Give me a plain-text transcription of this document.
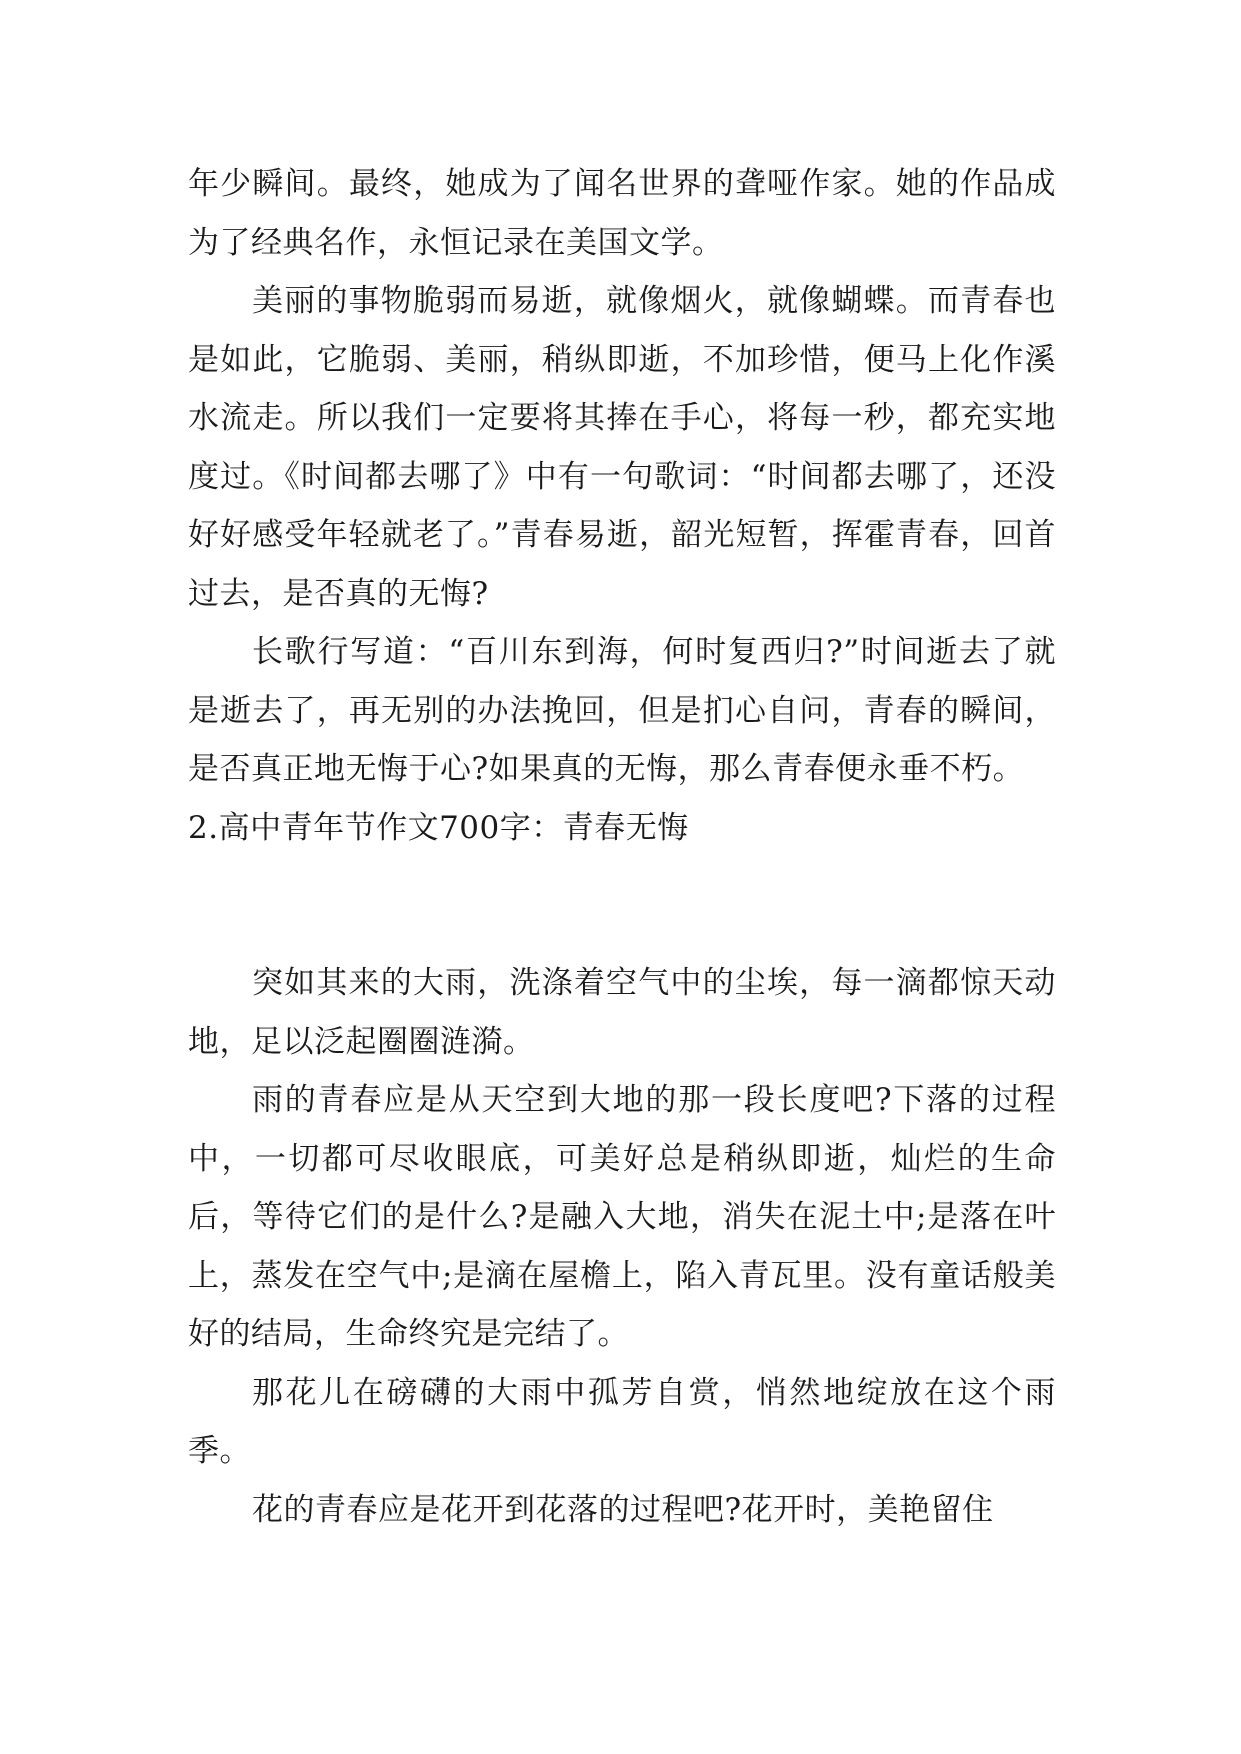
年少瞬间。最终，她成为了闻名世界的聋哑作家。她的作品成为了经典名作，永恒记录在美国文学。

美丽的事物脆弱而易逝，就像烟火，就像蝴蝶。而青春也是如此，它脆弱、美丽，稍纵即逝，不加珍惜，便马上化作溪水流走。所以我们一定要将其捧在手心，将每一秒，都充实地度过。《时间都去哪了》中有一句歌词：“时间都去哪了，还没好好感受年轻就老了。”青春易逝，韶光短暂，挥霍青春，回首过去，是否真的无悔?

长歌行写道：“百川东到海，何时复西归?”时间逝去了就是逝去了，再无别的办法挽回，但是扪心自问，青春的瞬间，是否真正地无悔于心?如果真的无悔，那么青春便永垂不朽。

2.高中青年节作文700字：青春无悔

突如其来的大雨，洗涤着空气中的尘埃，每一滴都惊天动地，足以泛起圈圈涟漪。

雨的青春应是从天空到大地的那一段长度吧?下落的过程中，一切都可尽收眼底，可美好总是稍纵即逝，灿烂的生命后，等待它们的是什么?是融入大地，消失在泥土中;是落在叶上，蒸发在空气中;是滴在屋檐上，陷入青瓦里。没有童话般美好的结局，生命终究是完结了。

那花儿在磅礴的大雨中孤芳自赏，悄然地绽放在这个雨季。

花的青春应是花开到花落的过程吧?花开时，美艳留住
